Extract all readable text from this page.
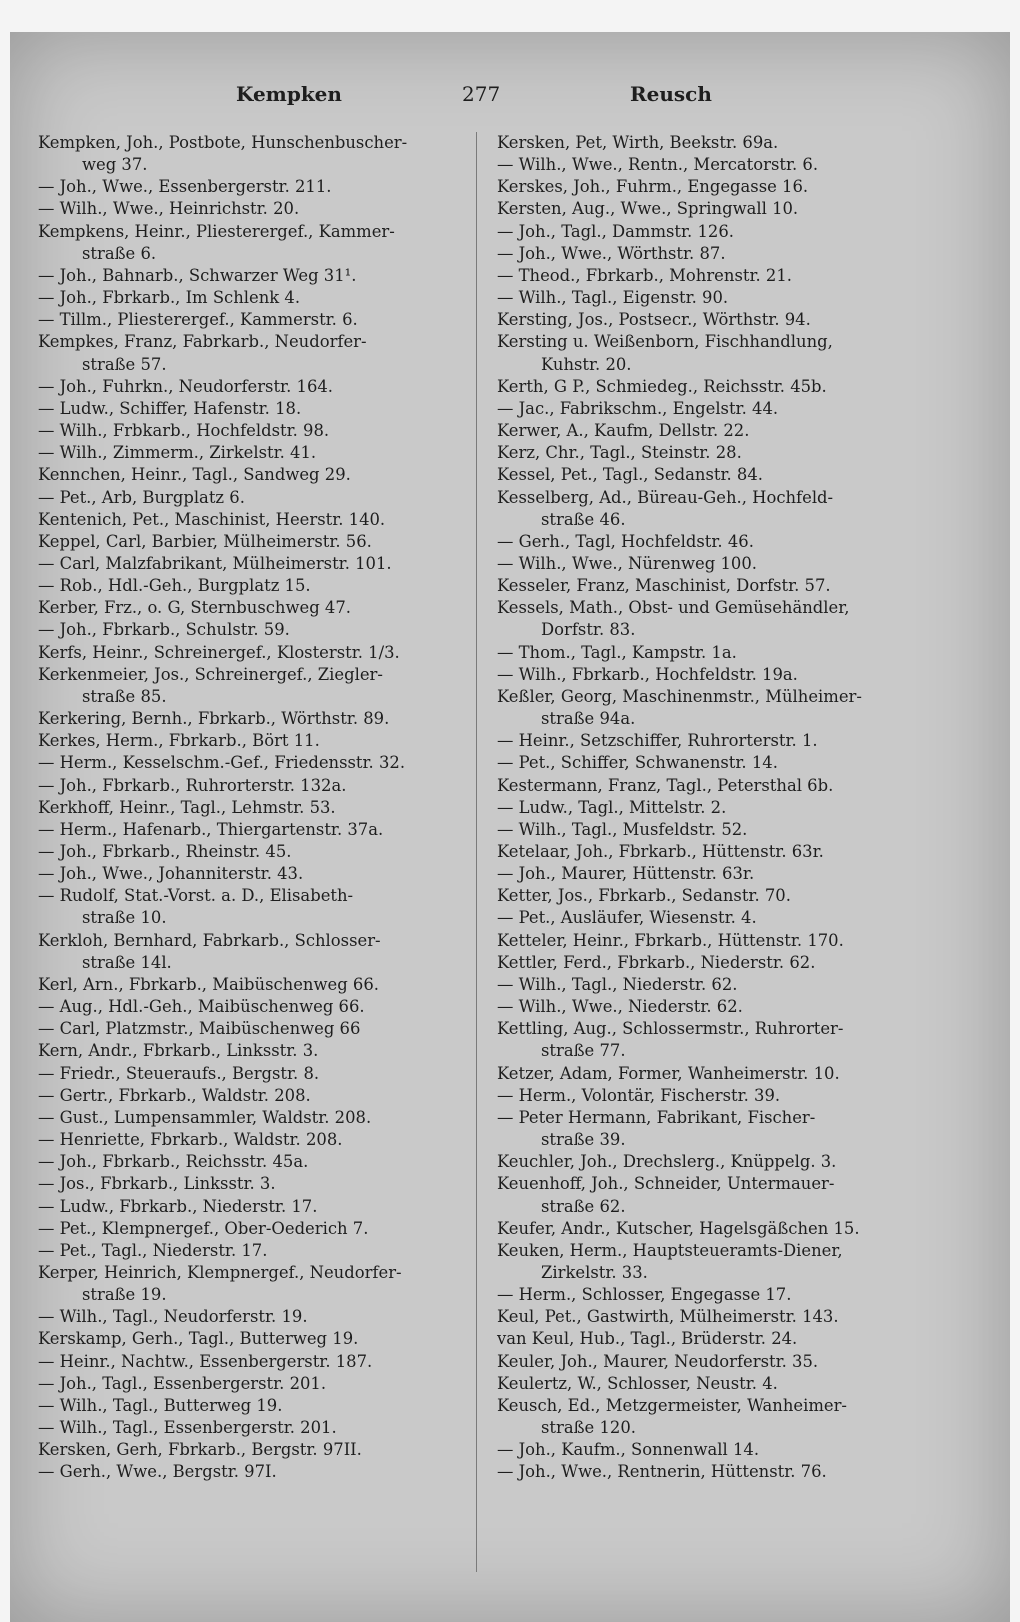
Kempken	277	Reusch
Kempken, Joh., Postbote, Hunschenbuscher-
weg 37.
— Joh., Wwe., Essenbergerstr. 211.
— Wilh., Wwe., Heinrichstr. 20.
Kempkens, Heinr., Pliesterergef., Kammer-
straße 6.
— Joh., Bahnarb., Schwarzer Weg 31¹.
— Joh., Fbrkarb., Im Schlenk 4.
— Tillm., Pliesterergef., Kammerstr. 6.
Kempkes, Franz, Fabrkarb., Neudorfer-
straße 57.
— Joh., Fuhrkn., Neudorferstr. 164.
— Ludw., Schiffer, Hafenstr. 18.
— Wilh., Frbkarb., Hochfeldstr. 98.
— Wilh., Zimmerm., Zirkelstr. 41.
Kennchen, Heinr., Tagl., Sandweg 29.
— Pet., Arb, Burgplatz 6.
Kentenich, Pet., Maschinist, Heerstr. 140.
Keppel, Carl, Barbier, Mülheimerstr. 56.
— Carl, Malzfabrikant, Mülheimerstr. 101.
— Rob., Hdl.-Geh., Burgplatz 15.
Kerber, Frz., o. G, Sternbuschweg 47.
— Joh., Fbrkarb., Schulstr. 59.
Kerfs, Heinr., Schreinergef., Klosterstr. 1/3.
Kerkenmeier, Jos., Schreinergef., Ziegler-
straße 85.
Kerkering, Bernh., Fbrkarb., Wörthstr. 89.
Kerkes, Herm., Fbrkarb., Bört 11.
— Herm., Kesselschm.-Gef., Friedensstr. 32.
— Joh., Fbrkarb., Ruhrorterstr. 132a.
Kerkhoff, Heinr., Tagl., Lehmstr. 53.
— Herm., Hafenarb., Thiergartenstr. 37a.
— Joh., Fbrkarb., Rheinstr. 45.
— Joh., Wwe., Johanniterstr. 43.
— Rudolf, Stat.-Vorst. a. D., Elisabeth-
straße 10.
Kerkloh, Bernhard, Fabrkarb., Schlosser-
straße 14l.
Kerl, Arn., Fbrkarb., Maibüschenweg 66.
— Aug., Hdl.-Geh., Maibüschenweg 66.
— Carl, Platzmstr., Maibüschenweg 66
Kern, Andr., Fbrkarb., Linksstr. 3.
— Friedr., Steueraufs., Bergstr. 8.
— Gertr., Fbrkarb., Waldstr. 208.
— Gust., Lumpensammler, Waldstr. 208.
— Henriette, Fbrkarb., Waldstr. 208.
— Joh., Fbrkarb., Reichsstr. 45a.
— Jos., Fbrkarb., Linksstr. 3.
— Ludw., Fbrkarb., Niederstr. 17.
— Pet., Klempnergef., Ober-Oederich 7.
— Pet., Tagl., Niederstr. 17.
Kerper, Heinrich, Klempnergef., Neudorfer-
straße 19.
— Wilh., Tagl., Neudorferstr. 19.
Kerskamp, Gerh., Tagl., Butterweg 19.
— Heinr., Nachtw., Essenbergerstr. 187.
— Joh., Tagl., Essenbergerstr. 201.
— Wilh., Tagl., Butterweg 19.
— Wilh., Tagl., Essenbergerstr. 201.
Kersken, Gerh, Fbrkarb., Bergstr. 97II.
— Gerh., Wwe., Bergstr. 97I.
Kersken, Pet, Wirth, Beekstr. 69a.
— Wilh., Wwe., Rentn., Mercatorstr. 6.
Kerskes, Joh., Fuhrm., Engegasse 16.
Kersten, Aug., Wwe., Springwall 10.
— Joh., Tagl., Dammstr. 126.
— Joh., Wwe., Wörthstr. 87.
— Theod., Fbrkarb., Mohrenstr. 21.
— Wilh., Tagl., Eigenstr. 90.
Kersting, Jos., Postsecr., Wörthstr. 94.
Kersting u. Weißenborn, Fischhandlung,
Kuhstr. 20.
Kerth, G P., Schmiedeg., Reichsstr. 45b.
— Jac., Fabrikschm., Engelstr. 44.
Kerwer, A., Kaufm, Dellstr. 22.
Kerz, Chr., Tagl., Steinstr. 28.
Kessel, Pet., Tagl., Sedanstr. 84.
Kesselberg, Ad., Büreau-Geh., Hochfeld-
straße 46.
— Gerh., Tagl, Hochfeldstr. 46.
— Wilh., Wwe., Nürenweg 100.
Kesseler, Franz, Maschinist, Dorfstr. 57.
Kessels, Math., Obst- und Gemüsehändler,
Dorfstr. 83.
— Thom., Tagl., Kampstr. 1a.
— Wilh., Fbrkarb., Hochfeldstr. 19a.
Keßler, Georg, Maschinenmstr., Mülheimer-
straße 94a.
— Heinr., Setzschiffer, Ruhrorterstr. 1.
— Pet., Schiffer, Schwanenstr. 14.
Kestermann, Franz, Tagl., Petersthal 6b.
— Ludw., Tagl., Mittelstr. 2.
— Wilh., Tagl., Musfeldstr. 52.
Ketelaar, Joh., Fbrkarb., Hüttenstr. 63r.
— Joh., Maurer, Hüttenstr. 63r.
Ketter, Jos., Fbrkarb., Sedanstr. 70.
— Pet., Ausläufer, Wiesenstr. 4.
Ketteler, Heinr., Fbrkarb., Hüttenstr. 170.
Kettler, Ferd., Fbrkarb., Niederstr. 62.
— Wilh., Tagl., Niederstr. 62.
— Wilh., Wwe., Niederstr. 62.
Kettling, Aug., Schlossermstr., Ruhrorter-
straße 77.
Ketzer, Adam, Former, Wanheimerstr. 10.
— Herm., Volontär, Fischerstr. 39.
— Peter Hermann, Fabrikant, Fischer-
straße 39.
Keuchler, Joh., Drechslerg., Knüppelg. 3.
Keuenhoff, Joh., Schneider, Untermauer-
straße 62.
Keufer, Andr., Kutscher, Hagelsgäßchen 15.
Keuken, Herm., Hauptsteueramts-Diener,
Zirkelstr. 33.
— Herm., Schlosser, Engegasse 17.
Keul, Pet., Gastwirth, Mülheimerstr. 143.
van Keul, Hub., Tagl., Brüderstr. 24.
Keuler, Joh., Maurer, Neudorferstr. 35.
Keulertz, W., Schlosser, Neustr. 4.
Keusch, Ed., Metzgermeister, Wanheimer-
straße 120.
— Joh., Kaufm., Sonnenwall 14.
— Joh., Wwe., Rentnerin, Hüttenstr. 76.
